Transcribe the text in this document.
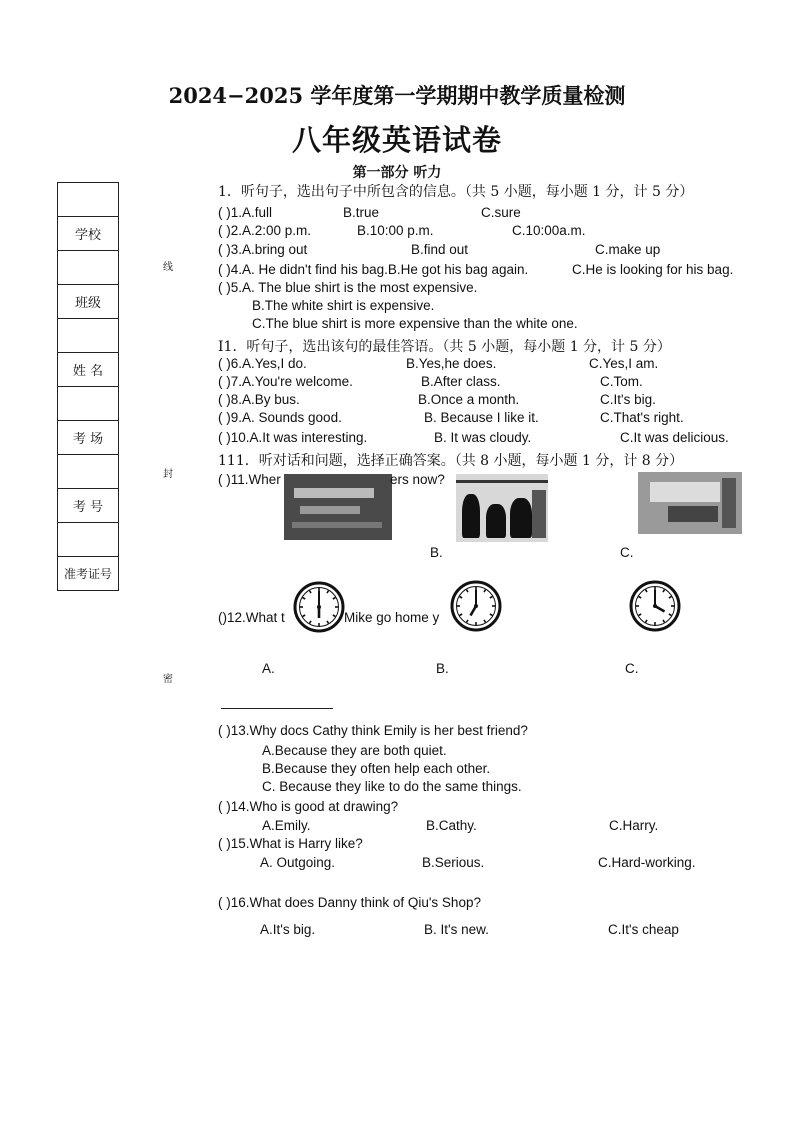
2024−2025 学年度第一学期期中教学质量检测
八年级英语试卷
第一部分 听力
学校
班级
姓 名
考 场
考 号
准考证号
线
封
密
1．听句子，选出句子中所包含的信息。（共 5 小题，每小题 1 分，计 5 分）
( )1.A.full	B.true	C.sure
( )2.A.2:00 p.m.	B.10:00 p.m.	C.10:00a.m.
( )3.A.bring out	B.find out	C.make up
( )4.A. He didn't find his bag.B.He got his bag again.	C.He is looking for his bag.
( )5.A. The blue shirt is the most expensive.
B.The white shirt is expensive.
C.The blue shirt is more expensive than the white one.
I1．听句子，选出该句的最佳答语。（共 5 小题，每小题 1 分，计 5 分）
( )6.A.Yes,I do.	B.Yes,he does.	C.Yes,I am.
( )7.A.You're welcome.	B.After class.	C.Tom.
( )8.A.By bus.	B.Once a month.	C.It's big.
( )9.A. Sounds good.	B. Because I like it.	C.That's right.
( )10.A.It was interesting.	B. It was cloudy.	C.It was delicious.
111．听对话和问题，选择正确答案。（共 8 小题，每小题 1 分，计 8 分）
( )11.Wher	ers now?
B.	C.
()12.What t	Mike go home y
A.	B.	C.
( )13.Why docs Cathy think Emily is her best friend?
A.Because they are both quiet.
B.Because they often help each other.
C. Because they like to do the same things.
( )14.Who is good at drawing?
A.Emily.	B.Cathy.	C.Harry.
( )15.What is Harry like?
A. Outgoing.	B.Serious.	C.Hard-working.
( )16.What does Danny think of Qiu's Shop?
A.It's big.	B. It's new.	C.It's cheap
